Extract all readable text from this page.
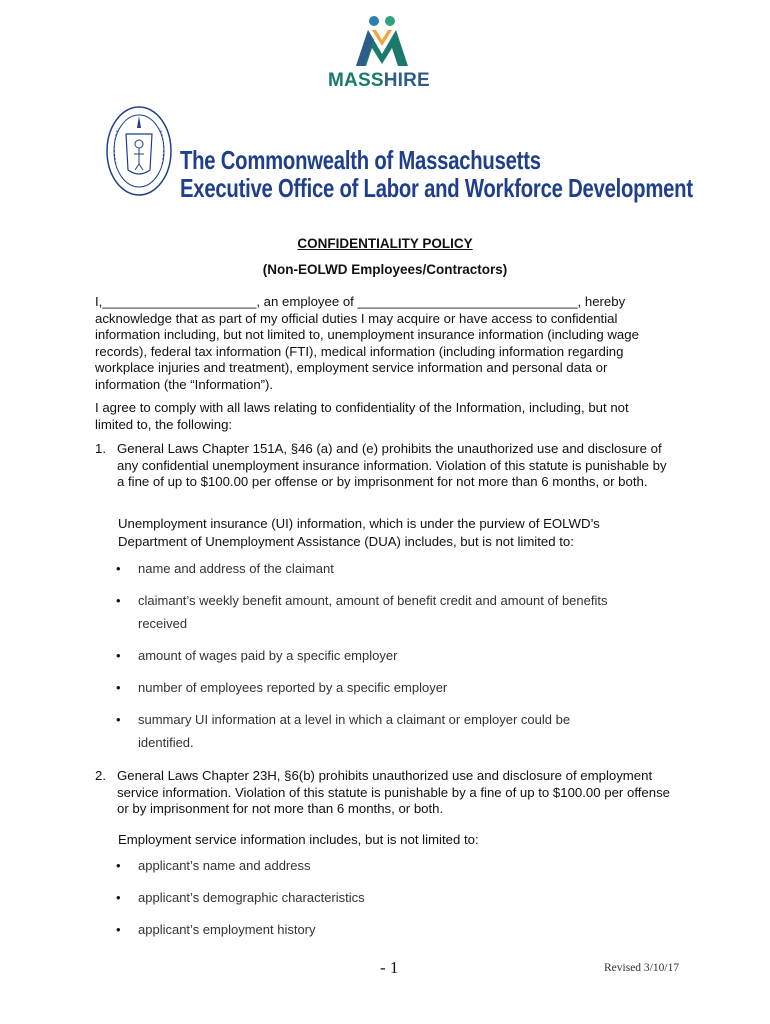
MASSHIRE
The Commonwealth of Massachusetts
Executive Office of Labor and Workforce Development
CONFIDENTIALITY POLICY
(Non-EOLWD Employees/Contractors)
I,_____________________, an employee of ______________________________, hereby acknowledge that as part of my official duties I may acquire or have access to confidential information including, but not limited to, unemployment insurance information (including wage records), federal tax information (FTI), medical information (including information regarding workplace injuries and treatment), employment service information and personal data or information (the “Information”).
I agree to comply with all laws relating to confidentiality of the Information, including, but not limited to, the following:
1. General Laws Chapter 151A, §46 (a) and (e) prohibits the unauthorized use and disclosure of any confidential unemployment insurance information. Violation of this statute is punishable by a fine of up to $100.00 per offense or by imprisonment for not more than 6 months, or both.
Unemployment insurance (UI) information, which is under the purview of EOLWD’s Department of Unemployment Assistance (DUA) includes, but is not limited to:
• name and address of the claimant
• claimant’s weekly benefit amount, amount of benefit credit and amount of benefits received
• amount of wages paid by a specific employer
• number of employees reported by a specific employer
• summary UI information at a level in which a claimant or employer could be identified.
2. General Laws Chapter 23H, §6(b) prohibits unauthorized use and disclosure of employment service information. Violation of this statute is punishable by a fine of up to $100.00 per offense or by imprisonment for not more than 6 months, or both.
Employment service information includes, but is not limited to:
• applicant’s name and address
• applicant’s demographic characteristics
• applicant’s employment history
- 1	Revised 3/10/17
